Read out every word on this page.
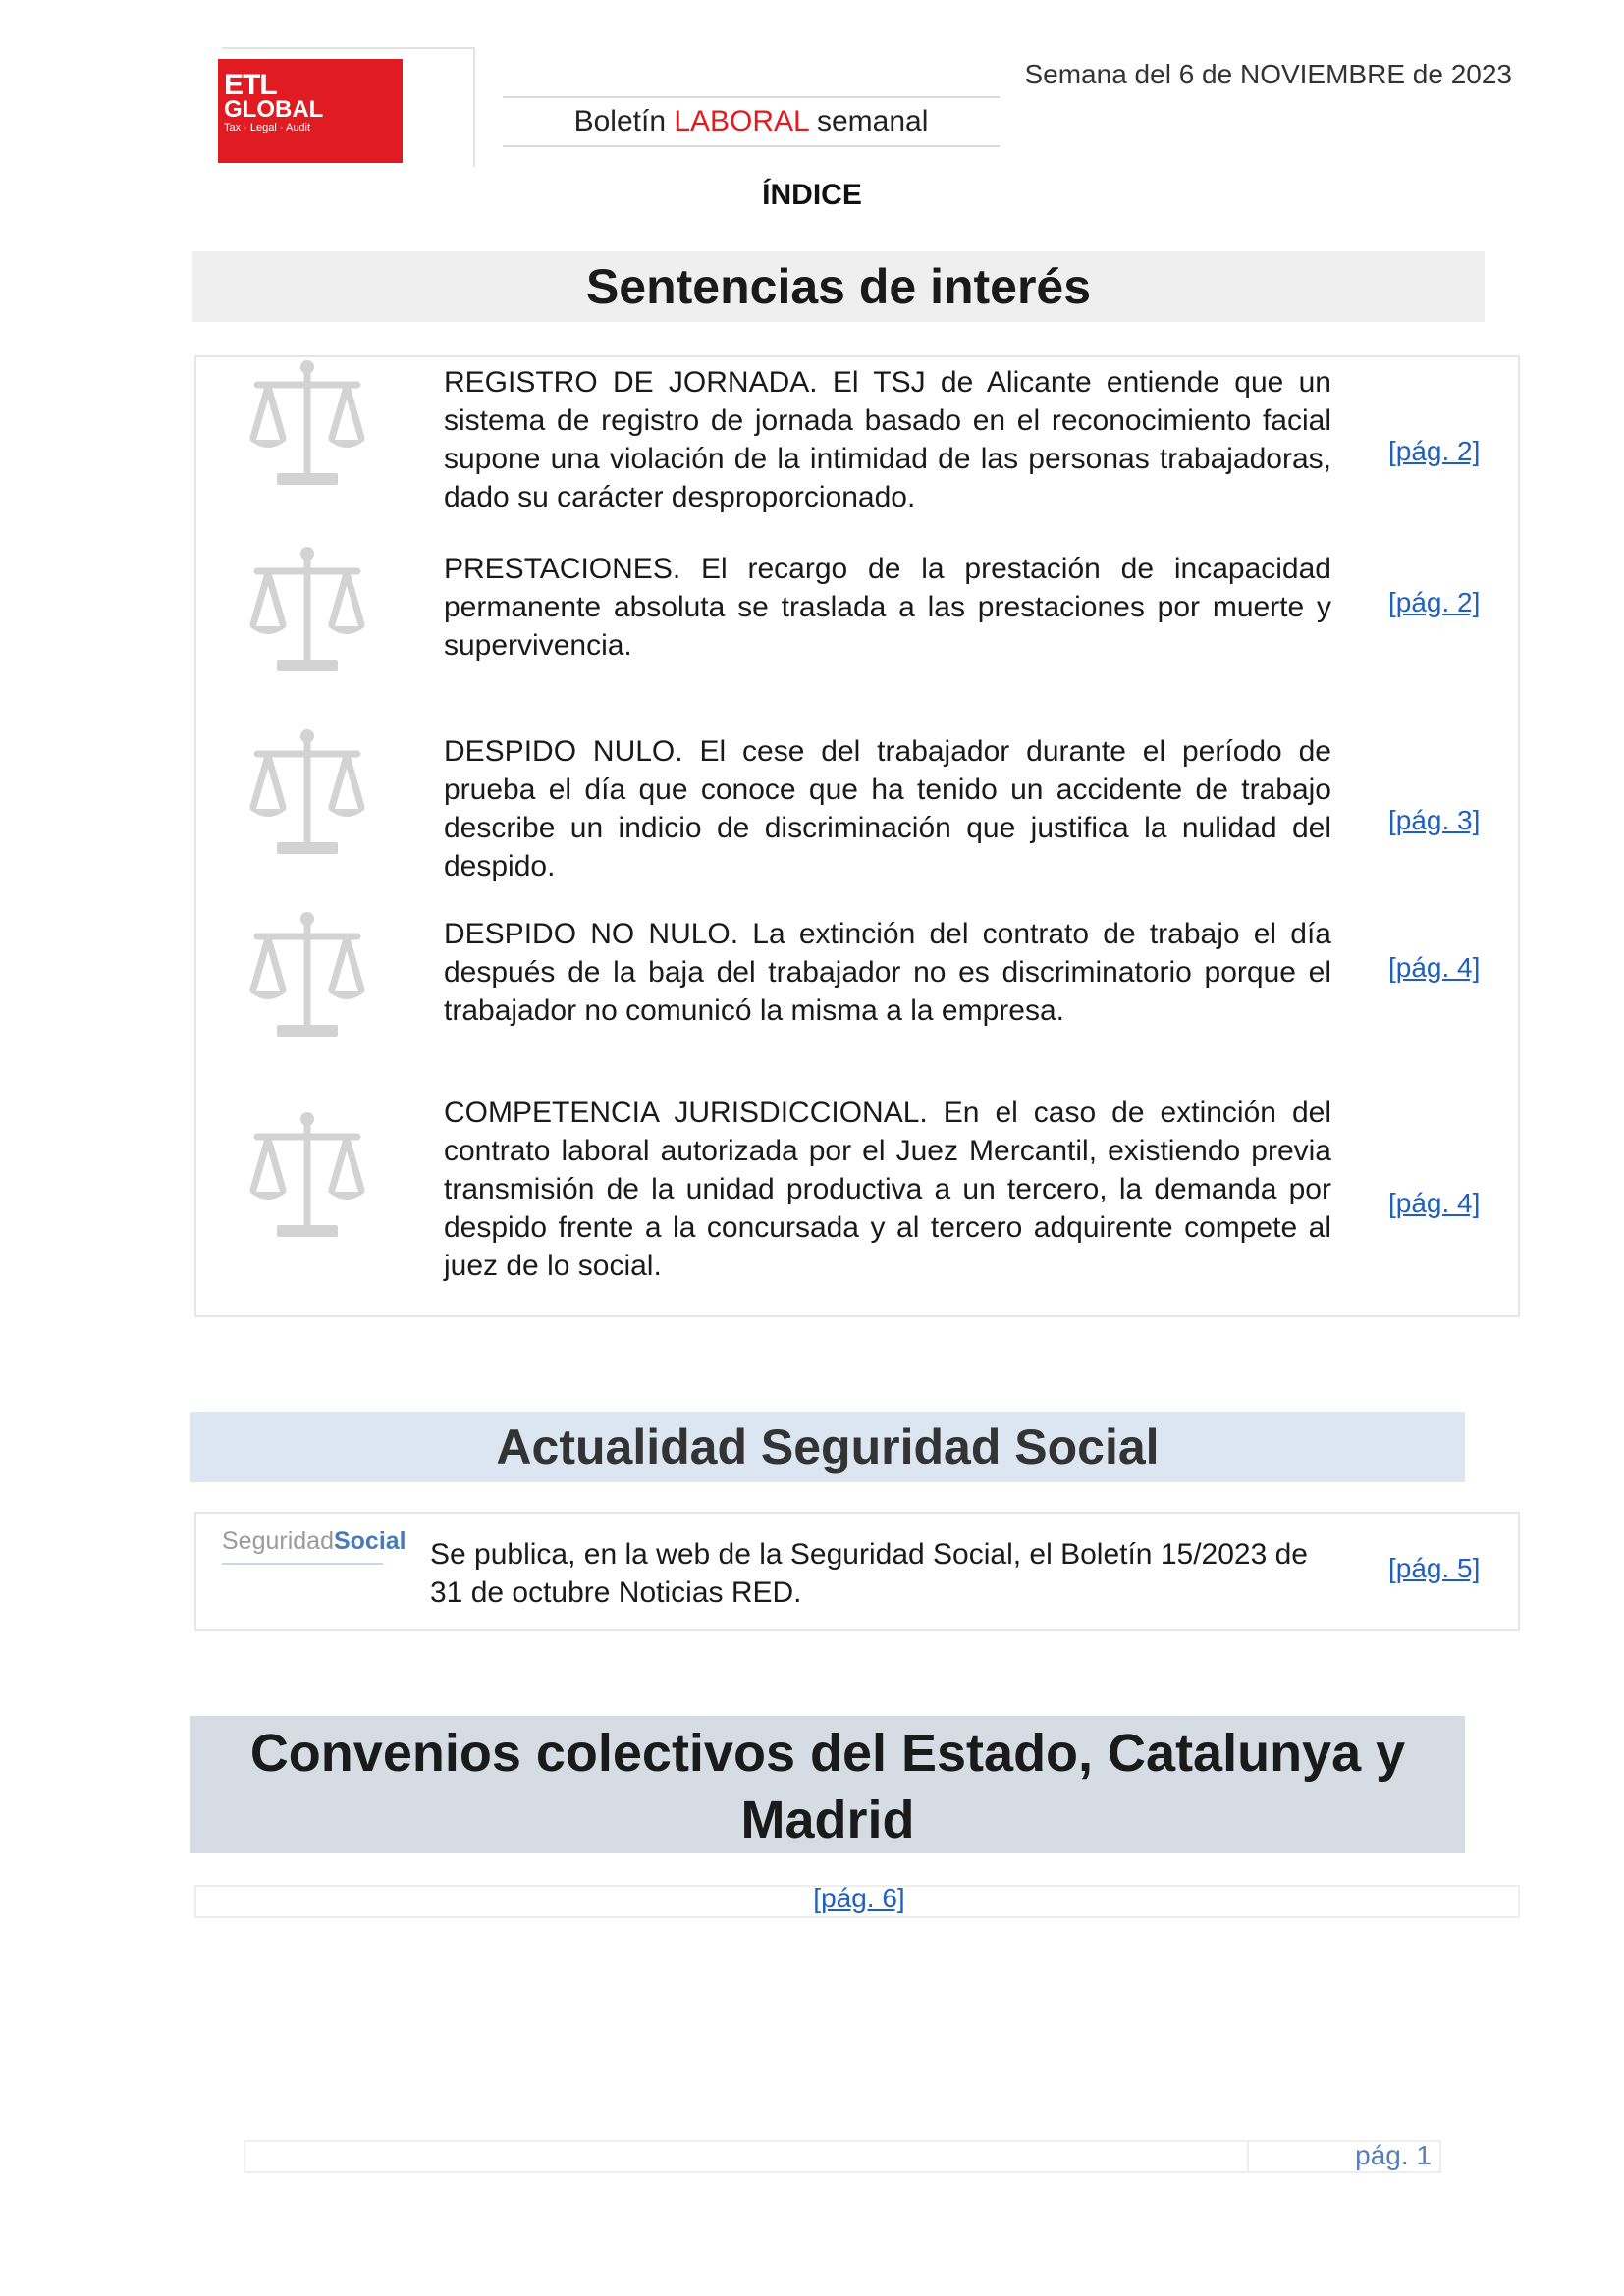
ETL
GLOBAL
Tax · Legal · Audit
Semana del 6 de NOVIEMBRE de 2023
Boletín LABORAL semanal
ÍNDICE
Sentencias de interés
REGISTRO DE JORNADA. El TSJ de Alicante entiende que un sistema de registro de jornada basado en el reconocimiento facial supone una violación de la intimidad de las personas trabajadoras, dado su carácter desproporcionado.
[pág. 2]
PRESTACIONES. El recargo de la prestación de incapacidad permanente absoluta se traslada a las prestaciones por muerte y supervivencia.
[pág. 2]
DESPIDO NULO. El cese del trabajador durante el período de prueba el día que conoce que ha tenido un accidente de trabajo describe un indicio de discriminación que justifica la nulidad del despido.
[pág. 3]
DESPIDO NO NULO. La extinción del contrato de trabajo el día después de la baja del trabajador no es discriminatorio porque el trabajador no comunicó la misma a la empresa.
[pág. 4]
COMPETENCIA JURISDICCIONAL. En el caso de extinción del contrato laboral autorizada por el Juez Mercantil, existiendo previa transmisión de la unidad productiva a un tercero, la demanda por despido frente a la concursada y al tercero adquirente compete al juez de lo social.
[pág. 4]
Actualidad Seguridad Social
SeguridadSocial Se publica, en la web de la Seguridad Social, el Boletín 15/2023 de 31 de octubre Noticias RED.
[pág. 5]
Convenios colectivos del Estado, Catalunya y
Madrid
[pág. 6]
pág. 1
